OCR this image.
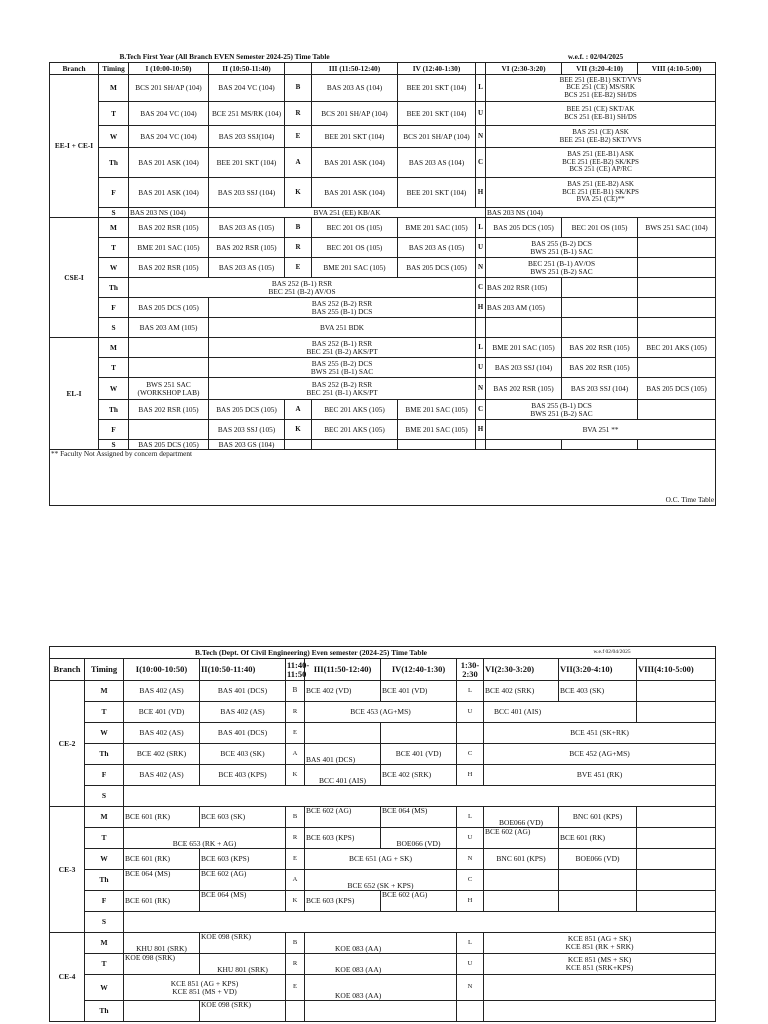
B.Tech First Year (All Branch EVEN Semester 2024-25) Time Table							w.e.f. : 02/04/2025			
Branch	Timing	I (10:00-10:50)	II (10:50-11:40)		III (11:50-12:40)	IV (12:40-1:30)		VI (2:30-3:20)	VII (3:20-4:10)	VIII (4:10-5:00)
EE-I + CE-I	M	BCS 201 SH/AP (104)	BAS 204 VC (104)	B	BAS 203 AS (104)	BEE 201 SKT (104)	L	BEE 251 (EE-B1) SKT/VVS
BCE 251 (CE) MS/SRK
BCS 251 (EE-B2) SH/DS		
	T	BAS 204 VC (104)	BCE 251 MS/RK (104)	R	BCS 201 SH/AP (104)	BEE 201 SKT (104)	U	BEE 251 (CE) SKT/AK
BCS 251 (EE-B1) SH/DS		
	W	BAS 204 VC (104)	BAS 203 SSJ(104)	E	BEE 201 SKT (104)	BCS 201 SH/AP (104)	N	BAS 251 (CE) ASK
BEE 251 (EE-B2) SKT/VVS		
	Th	BAS 201 ASK (104)	BEE 201 SKT (104)	A	BAS 201 ASK (104)	BAS 203 AS (104)	C	BAS 251 (EE-B1) ASK
BCE 251 (EE-B2) SK/KPS
BCS 251 (CE) AP/RC		
	F	BAS 201 ASK (104)	BAS 203 SSJ (104)	K	BAS 201 ASK (104)	BEE 201 SKT (104)	H	BAS 251 (EE-B2) ASK
BCE 251 (EE-B1) SK/KPS
BVA 251 (CE)**		
	S	BAS 203 NS (104)	BVA 251 (EE) KB/AK					BAS 203 NS (104)		
CSE-I	M	BAS 202 RSR (105)	BAS 203 AS (105)	B	BEC 201 OS (105)	BME 201 SAC (105)	L	BAS 205 DCS (105)	BEC 201 OS (105)	BWS 251 SAC (104)
	T	BME 201 SAC (105)	BAS 202 RSR (105)	R	BEC 201 OS (105)	BAS 203 AS (105)	U	BAS 255 (B-2) DCS
BWS 251 (B-1) SAC		
	W	BAS 202 RSR (105)	BAS 203 AS (105)	E	BME 201 SAC (105)	BAS 205 DCS (105)	N	BEC 251 (B-1) AV/OS
BWS 251 (B-2) SAC		
	Th	BAS 252 (B-1) RSR
BEC 251 (B-2) AV/OS					C	BAS 202 RSR (105)		
	F	BAS 205 DCS (105)	BAS 252 (B-2) RSR
BAS 255 (B-1) DCS				H	BAS 203 AM (105)		
	S	BAS 203 AM (105)	BVA 251 BDK							
EL-I	M		BAS 252 (B-1) RSR
BEC 251 (B-2) AKS/PT				L	BME 201 SAC (105)	BAS 202 RSR (105)	BEC 201 AKS (105)
	T		BAS 255 (B-2) DCS
BWS 251 (B-1) SAC				U	BAS 203 SSJ (104)	BAS 202 RSR (105)	
	W	BWS 251 SAC
(WORKSHOP LAB)	BAS 252 (B-2) RSR
BEC 251 (B-1) AKS/PT				N	BAS 202 RSR (105)	BAS 203 SSJ (104)	BAS 205 DCS (105)
	Th	BAS 202 RSR (105)	BAS 205 DCS (105)	A	BEC 201 AKS (105)	BME 201 SAC (105)	C	BAS 255 (B-1) DCS
BWS 251 (B-2) SAC		
	F		BAS 203 SSJ (105)	K	BEC 201 AKS (105)	BME 201 SAC (105)	H	BVA 251 **		
	S	BAS 205 DCS (105)	BAS 203 GS (104)							
** Faculty Not Assigned by concern department
O.C. Time Table										
B.Tech (Dept. Of Civil Engineering) Even semester (2024-25) Time Table								w.e.f 02/04/2025		
Branch	Timing	I(10:00-10:50)	II(10:50-11:40)	11:40-11:50	III(11:50-12:40)	IV(12:40-1:30)	1:30-2:30	VI(2:30-3:20)	VII(3:20-4:10)	VIII(4:10-5:00)
CE-2	M	BAS 402 (AS)	BAS 401 (DCS)	B	BCE 402 (VD)	BCE 401 (VD)	L	BCE 402 (SRK)	BCE 403 (SK)	
	T	BCE 401 (VD)	BAS 402 (AS)	R	BCE 453 (AG+MS)		U	BCC 401 (AIS)		
	W	BAS 402 (AS)	BAS 401 (DCS)	E				BCE 451 (SK+RK)		
	Th	BCE 402 (SRK)	BCE 403 (SK)	A	BAS 401 (DCS)	BCE 401 (VD)	C	BCE 452 (AG+MS)		
	F	BAS 402 (AS)	BCE 403 (KPS)	K	BCC 401 (AIS)	BCE 402 (SRK)	H	BVE 451 (RK)		
	S									
CE-3	M	BCE 601 (RK)	BCE 603 (SK)	B	BCE 602 (AG)	BCE 064 (MS)	L	BOE066 (VD)	BNC 601 (KPS)	
	T	BCE 653 (RK + AG)		R	BCE 603 (KPS)	BOE066 (VD)	U	BCE 602 (AG)	BCE 601 (RK)	
	W	BCE 601 (RK)	BCE 603 (KPS)	E	BCE 651 (AG + SK)		N	BNC 601 (KPS)	BOE066 (VD)	
	Th	BCE 064 (MS)	BCE 602 (AG)	A	BCE 652 (SK + KPS)		C			
	F	BCE 601 (RK)	BCE 064 (MS)	K	BCE 603 (KPS)	BCE 602 (AG)	H			
	S									
CE-4	M	KHU 801 (SRK)	KOE 098 (SRK)	B	KOE 083 (AA)		L	KCE 851 (AG + SK)
KCE 851 (RK + SRK)		
	T	KOE 098 (SRK)	KHU 801 (SRK)	R	KOE 083 (AA)		U	KCE 851 (MS + SK)
KCE 851 (SRK+KPS)		
	W	KCE 851 (AG + KPS)
KCE 851 (MS + VD)		E	KOE 083 (AA)		N			
	Th		KOE 098 (SRK)							
